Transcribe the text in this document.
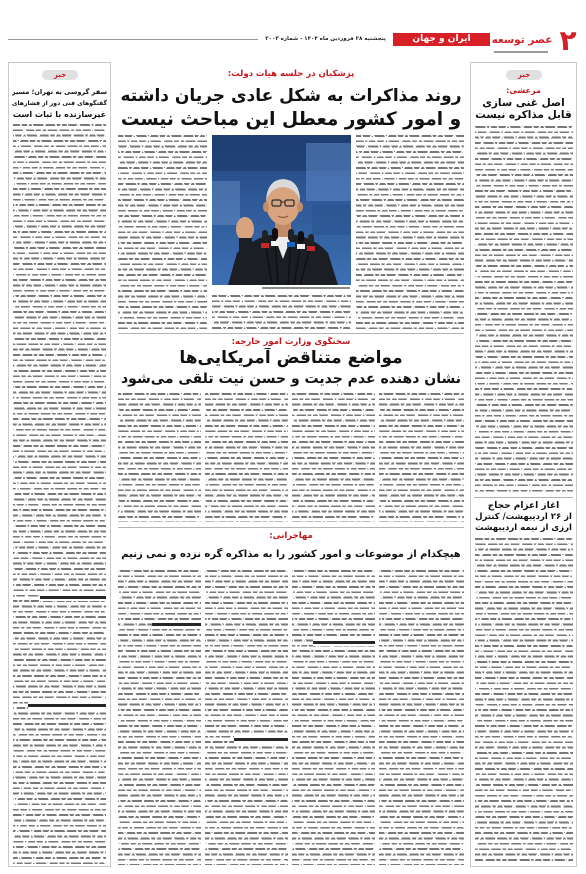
۲
عصر توسعه
ایران و جهان
پنجشنبه ۲۸ فروردین ماه ۱۴۰۴ - شماره ۲۰۰۳
خبر
سفر گروسی به تهران؛ مسیر
گفتگوهای فنی دور از فشارهای
غیرسازنده با ثبات است
خبر
مرعشی:
اصل غنی سازی
قابل مذاکره نیست
آغاز اعزام حجاج
از ۲۶ اردیبهشت/ کنترل
ارزی از نیمه اردیبهشت
پزشکیان در جلسه هیات دولت:
روند مذاکرات به شکل عادی جریان داشته
و امور کشور معطل این مباحث نیست
سخنگوی وزارت امور خارجه:
مواضع متناقض آمریکایی‌ها
نشان دهنده عدم جدیت و حسن نیت تلقی می‌شود
مهاجرانی:
هیچکدام از موضوعات و امور کشور را به مذاکره گره نزده و نمی زنیم
